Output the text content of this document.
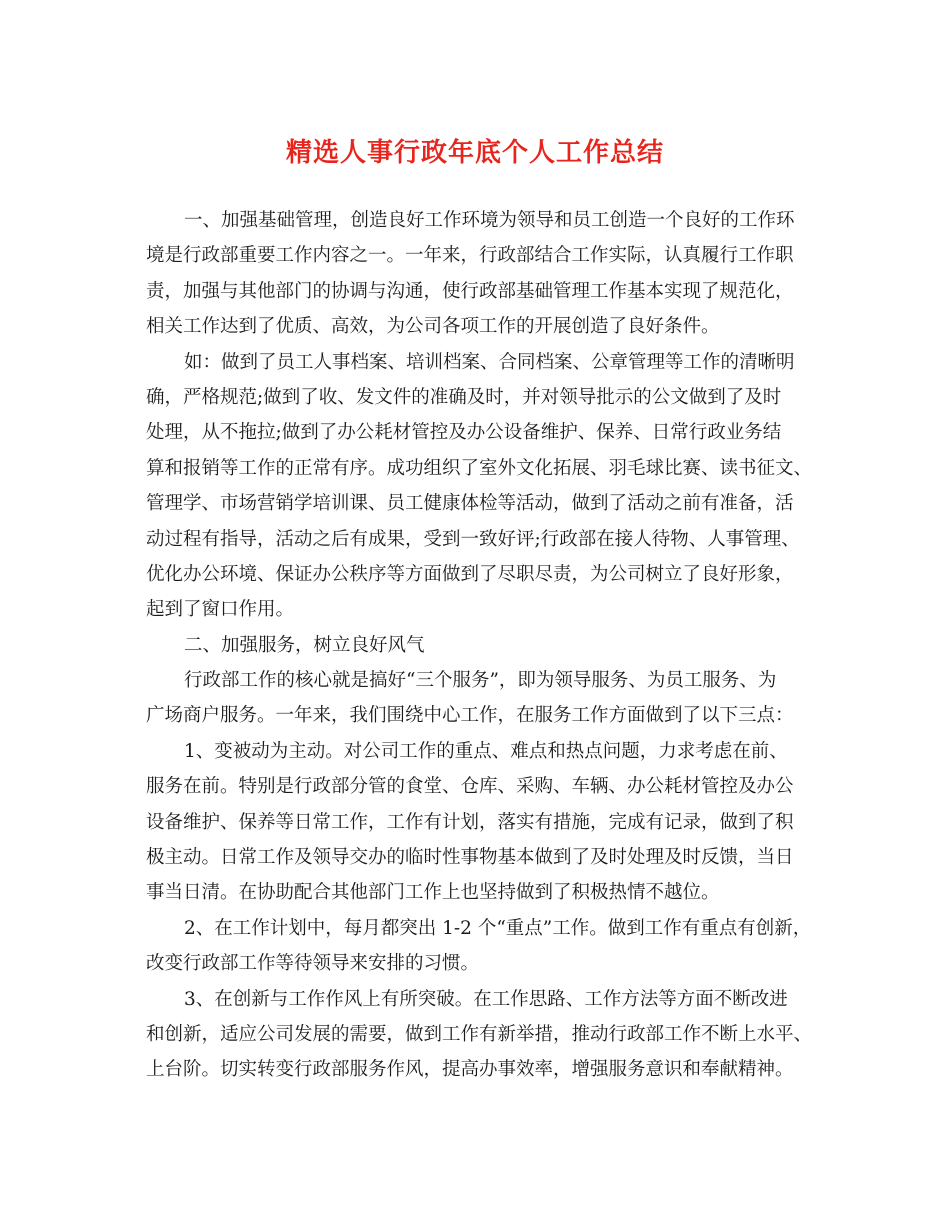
精选人事行政年底个人工作总结
一、加强基础管理，创造良好工作环境为领导和员工创造一个良好的工作环
境是行政部重要工作内容之一。一年来，行政部结合工作实际，认真履行工作职
责，加强与其他部门的协调与沟通，使行政部基础管理工作基本实现了规范化，
相关工作达到了优质、高效，为公司各项工作的开展创造了良好条件。
如：做到了员工人事档案、培训档案、合同档案、公章管理等工作的清晰明
确，严格规范;做到了收、发文件的准确及时，并对领导批示的公文做到了及时
处理，从不拖拉;做到了办公耗材管控及办公设备维护、保养、日常行政业务结
算和报销等工作的正常有序。成功组织了室外文化拓展、羽毛球比赛、读书征文、
管理学、市场营销学培训课、员工健康体检等活动，做到了活动之前有准备，活
动过程有指导，活动之后有成果，受到一致好评;行政部在接人待物、人事管理、
优化办公环境、保证办公秩序等方面做到了尽职尽责，为公司树立了良好形象，
起到了窗口作用。
二、加强服务，树立良好风气
行政部工作的核心就是搞好“三个服务”，即为领导服务、为员工服务、为
广场商户服务。一年来，我们围绕中心工作，在服务工作方面做到了以下三点：
1、变被动为主动。对公司工作的重点、难点和热点问题，力求考虑在前、
服务在前。特别是行政部分管的食堂、仓库、采购、车辆、办公耗材管控及办公
设备维护、保养等日常工作，工作有计划，落实有措施，完成有记录，做到了积
极主动。日常工作及领导交办的临时性事物基本做到了及时处理及时反馈，当日
事当日清。在协助配合其他部门工作上也坚持做到了积极热情不越位。
2、在工作计划中，每月都突出 1-2 个“重点”工作。做到工作有重点有创新，
改变行政部工作等待领导来安排的习惯。
3、在创新与工作作风上有所突破。在工作思路、工作方法等方面不断改进
和创新，适应公司发展的需要，做到工作有新举措，推动行政部工作不断上水平、
上台阶。切实转变行政部服务作风，提高办事效率，增强服务意识和奉献精神。
